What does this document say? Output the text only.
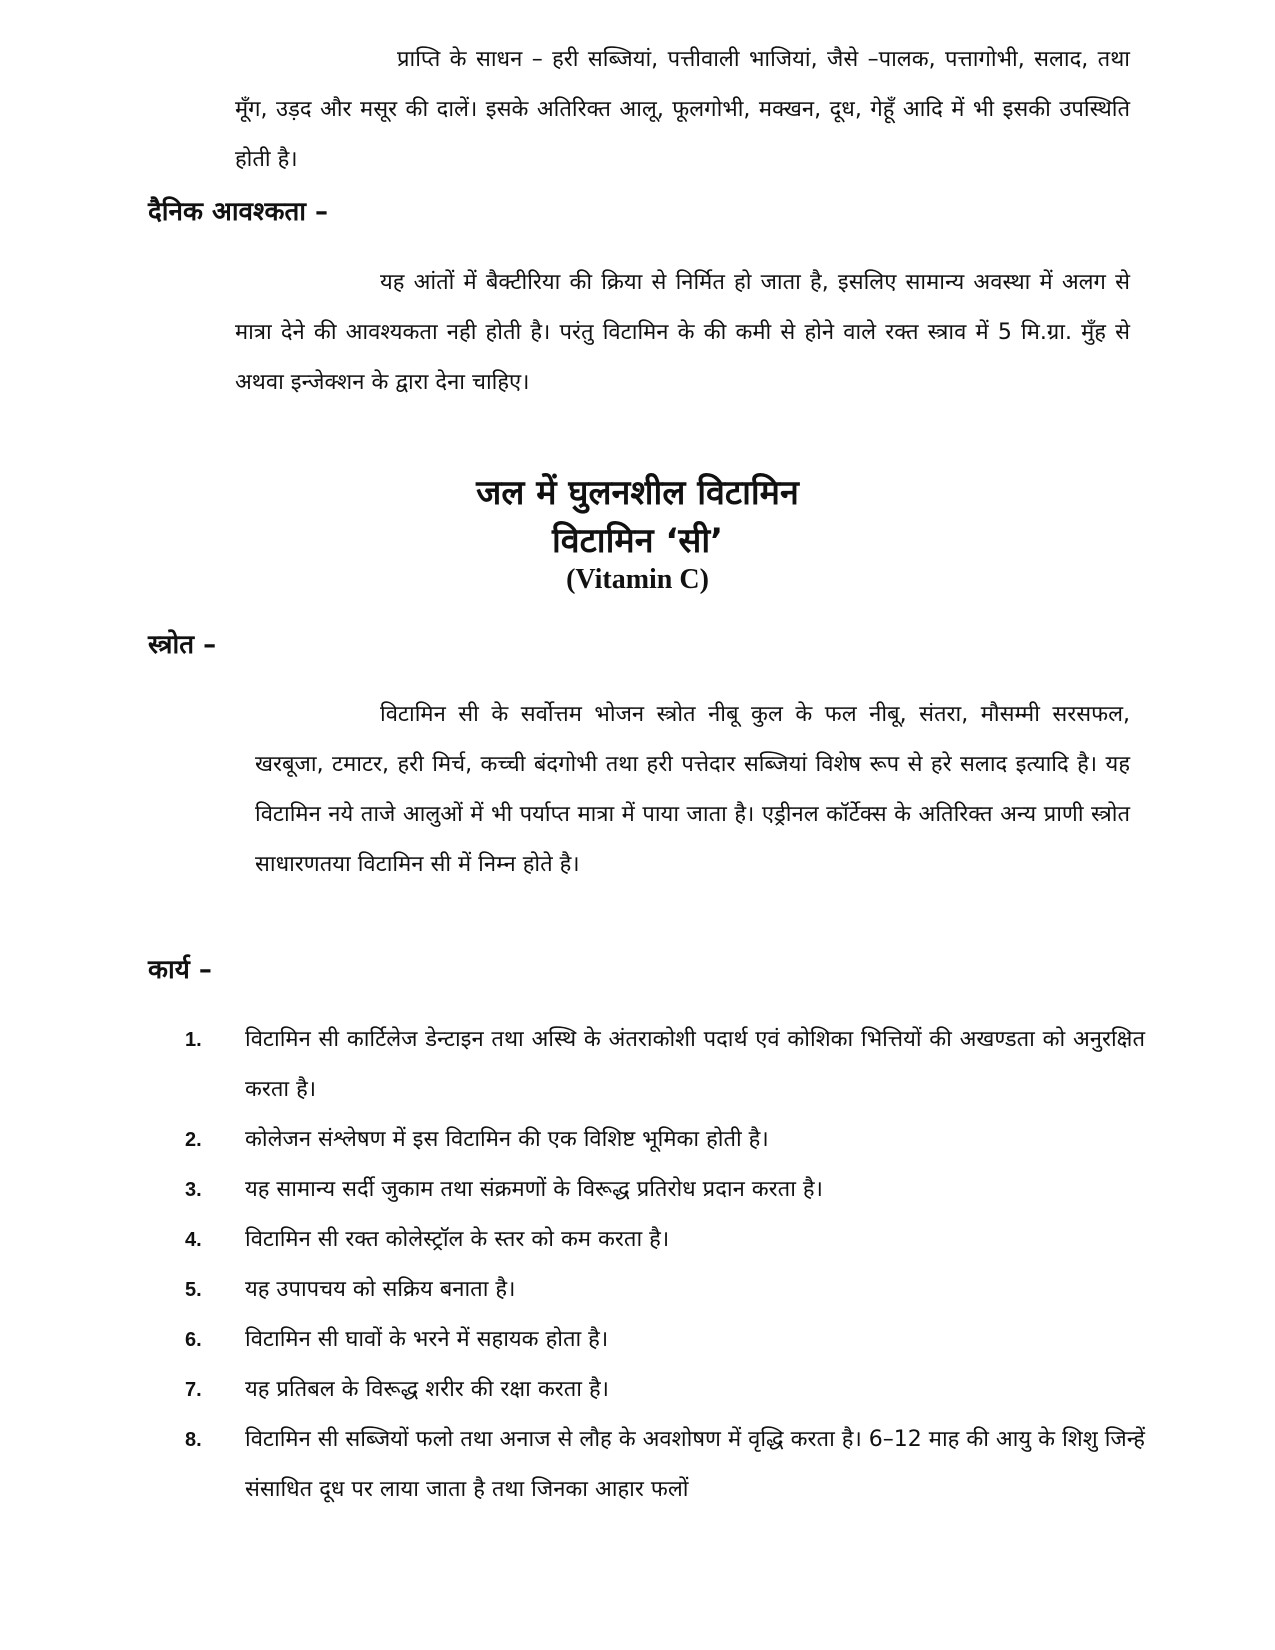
प्राप्ति के साधन – हरी सब्जियां, पत्तीवाली भाजियां, जैसे –पालक, पत्तागोभी, सलाद, तथा मूँग, उड़द और मसूर की दालें। इसके अतिरिक्त आलू, फूलगोभी, मक्खन, दूध, गेहूँ आदि में भी इसकी उपस्थिति होती है।

दैनिक आवश्कता –

यह आंतों में बैक्टीरिया की क्रिया से निर्मित हो जाता है, इसलिए सामान्य अवस्था में अलग से मात्रा देने की आवश्यकता नही होती है। परंतु विटामिन के की कमी से होने वाले रक्त स्त्राव में 5 मि.ग्रा. मुँह से अथवा इन्जेक्शन के द्वारा देना चाहिए।

जल में घुलनशील विटामिन
विटामिन ‘सी’
(Vitamin C)
स्त्रोत –

विटामिन सी के सर्वोत्तम भोजन स्त्रोत नीबू कुल के फल नीबू, संतरा, मौसम्मी सरसफल, खरबूजा, टमाटर, हरी मिर्च, कच्ची बंदगोभी तथा हरी पत्तेदार सब्जियां विशेष रूप से हरे सलाद इत्यादि है। यह विटामिन नये ताजे आलुओं में भी पर्याप्त मात्रा में पाया जाता है। एड्रीनल कॉर्टेक्स के अतिरिक्त अन्य प्राणी स्त्रोत साधारणतया विटामिन सी में निम्न होते है।

कार्य –
1.	विटामिन सी कार्टिलेज डेन्टाइन तथा अस्थि के अंतराकोशी पदार्थ एवं कोशिका भित्तियों की अखण्डता को अनुरक्षित करता है।
2.	कोलेजन संश्लेषण में इस विटामिन की एक विशिष्ट भूमिका होती है।
3.	यह सामान्य सर्दी जुकाम तथा संक्रमणों के विरूद्ध प्रतिरोध प्रदान करता है।
4.	विटामिन सी रक्त कोलेस्ट्रॉल के स्तर को कम करता है।
5.	यह उपापचय को सक्रिय बनाता है।
6.	विटामिन सी घावों के भरने में सहायक होता है।
7.	यह प्रतिबल के विरूद्ध शरीर की रक्षा करता है।
8.	विटामिन सी सब्जियों फलो तथा अनाज से लौह के अवशोषण में वृद्धि करता है। 6–12 माह की आयु के शिशु जिन्हें संसाधित दूध पर लाया जाता है तथा जिनका आहार फलों
